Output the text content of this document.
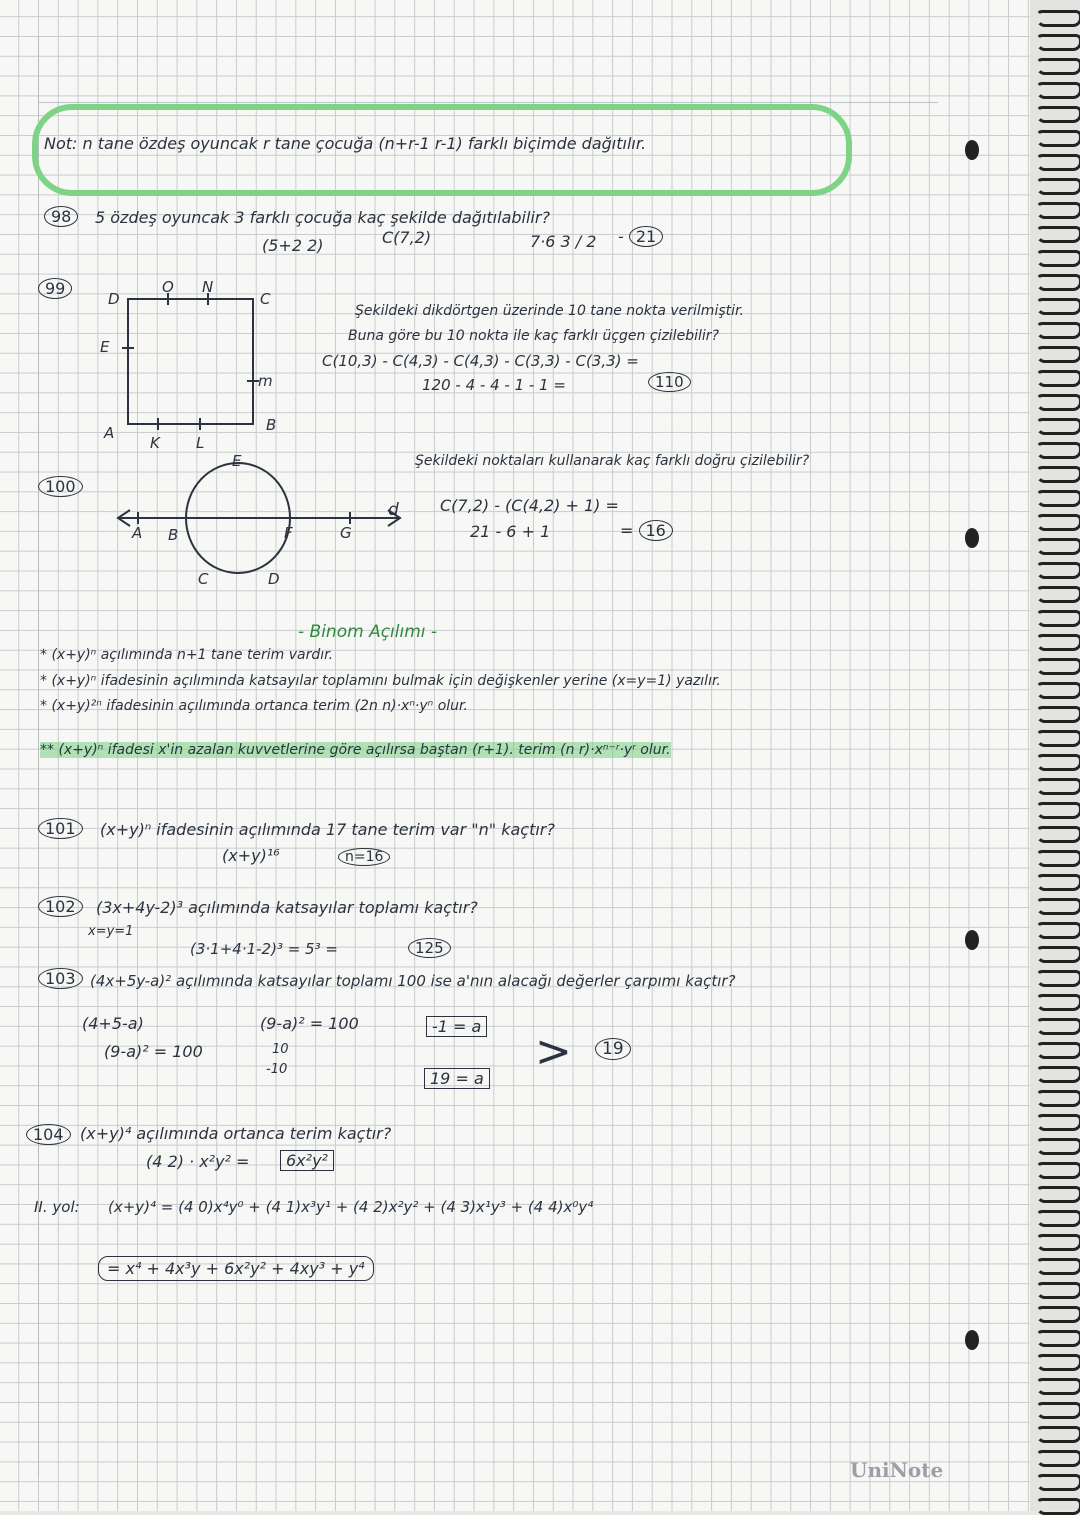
Not: n tane özdeş oyuncak r tane çocuğa (n+r-1 r-1) farklı biçimde dağıtılır.
98	5 özdeş oyuncak 3 farklı çocuğa kaç şekilde dağıtılabilir?
(5+2 2)	C(7,2)	7·6 3 / 2 - 21
99
D
O N
C
E
m
A
K L
B
Şekildeki dikdörtgen üzerinde 10 tane nokta verilmiştir.
Buna göre bu 10 nokta ile kaç farklı üçgen çizilebilir?
C(10,3) - C(4,3) - C(4,3) - C(3,3) - C(3,3) =
120 - 4 - 4 - 1 - 1 =	110
100
Şekildeki noktaları kullanarak kaç farklı doğru çizilebilir?
E
A B	F	G
C	D
d	C(7,2) - (C(4,2) + 1) =
21 - 6 + 1	= 16
- Binom Açılımı -
* (x+y)ⁿ açılımında n+1 tane terim vardır.
* (x+y)ⁿ ifadesinin açılımında katsayılar toplamını bulmak için değişkenler yerine (x=y=1) yazılır.
* (x+y)²ⁿ ifadesinin açılımında ortanca terim (2n n)·xⁿ·yⁿ olur.
** (x+y)ⁿ ifadesi x'in azalan kuvvetlerine göre açılırsa baştan (r+1). terim (n r)·xⁿ⁻ʳ·yʳ olur.
101	(x+y)ⁿ ifadesinin açılımında 17 tane terim var "n" kaçtır?
(x+y)¹⁶	n=16
102	(3x+4y-2)³ açılımında katsayılar toplamı kaçtır?
x=y=1
(3·1+4·1-2)³ = 5³ =	125
103 (4x+5y-a)² açılımında katsayılar toplamı 100 ise a'nın alacağı değerler çarpımı kaçtır?
(4+5-a)
(9-a)² = 100
(9-a)² = 100
10
-10
-1 = a
19 = a
>	19
104	(x+y)⁴ açılımında ortanca terim kaçtır?
(4 2) · x²y² =	6x²y²
II. yol: (x+y)⁴ = (4 0)x⁴y⁰ + (4 1)x³y¹ + (4 2)x²y² + (4 3)x¹y³ + (4 4)x⁰y⁴
= x⁴ + 4x³y + 6x²y² + 4xy³ + y⁴
UniNote
